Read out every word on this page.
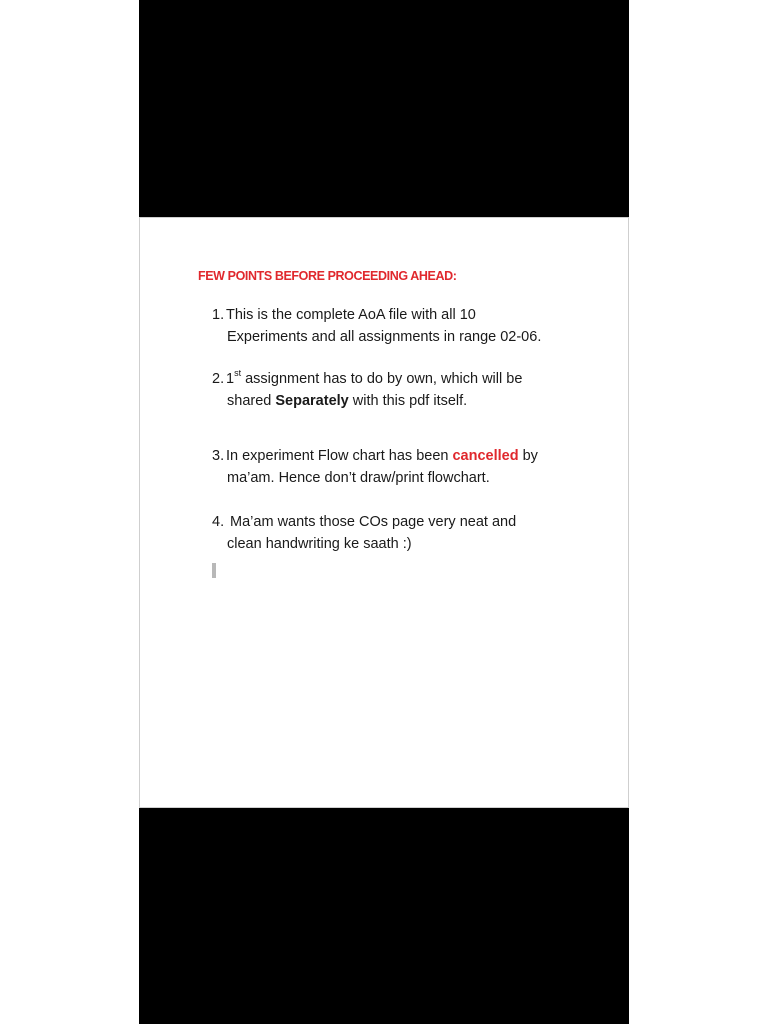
FEW POINTS BEFORE PROCEEDING AHEAD:
1. This is the complete AoA file with all 10
Experiments and all assignments in range 02-06.
2. 1st assignment has to do by own, which will be
shared Separately with this pdf itself.
3. In experiment Flow chart has been cancelled by
ma’am. Hence don’t draw/print flowchart.
4. Ma’am wants those COs page very neat and
clean handwriting ke saath :)
